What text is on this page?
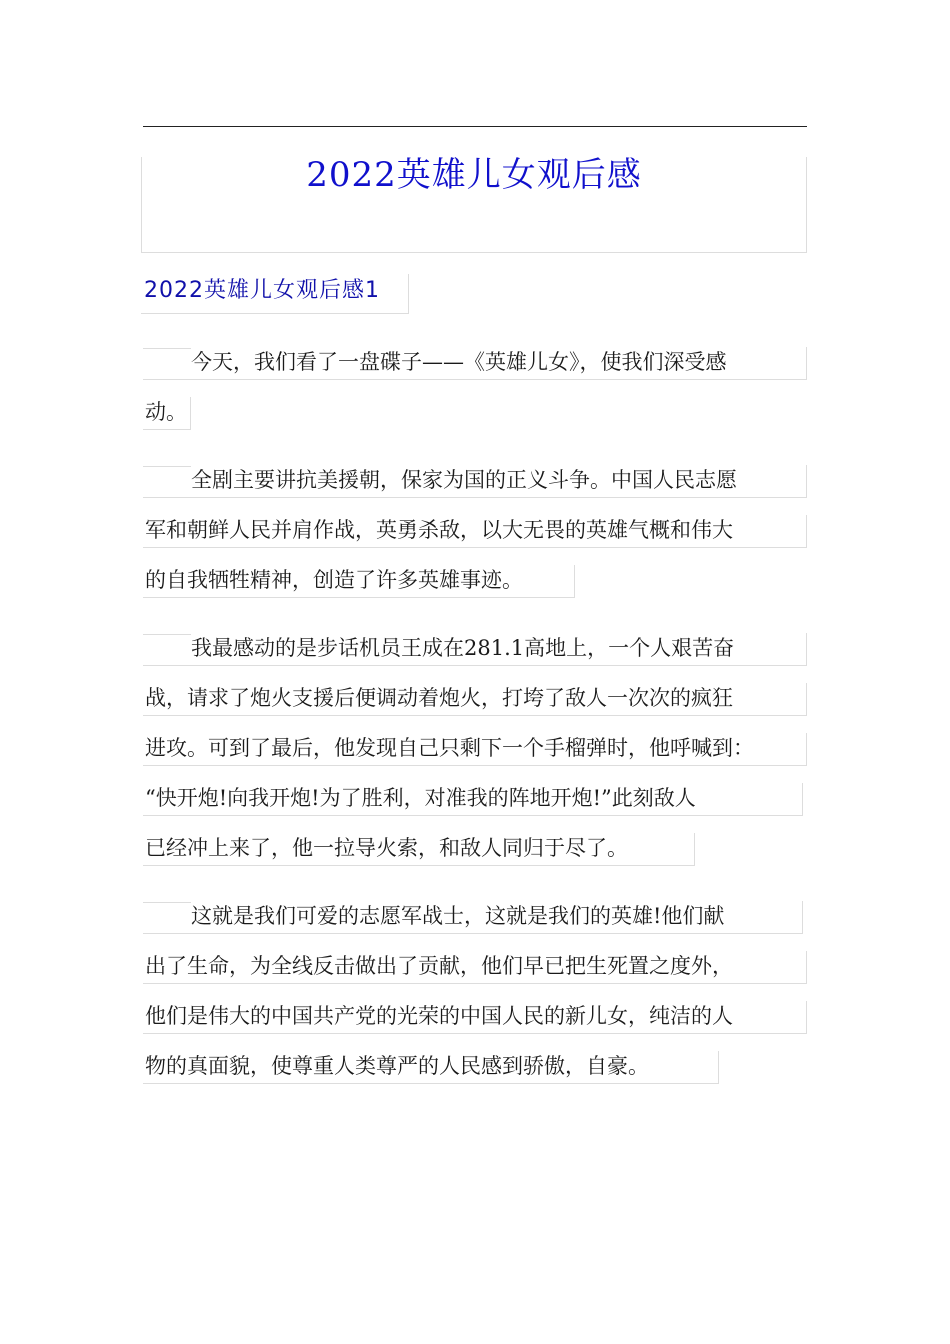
2022英雄儿女观后感
2022英雄儿女观后感1
今天，我们看了一盘碟子——《英雄儿女》，使我们深受感
动。
全剧主要讲抗美援朝，保家为国的正义斗争。中国人民志愿
军和朝鲜人民并肩作战，英勇杀敌，以大无畏的英雄气概和伟大
的自我牺牲精神，创造了许多英雄事迹。
我最感动的是步话机员王成在281.1高地上，一个人艰苦奋
战，请求了炮火支援后便调动着炮火，打垮了敌人一次次的疯狂
进攻。可到了最后，他发现自己只剩下一个手榴弹时，他呼喊到：
“快开炮!向我开炮!为了胜利，对准我的阵地开炮!”此刻敌人
已经冲上来了，他一拉导火索，和敌人同归于尽了。
这就是我们可爱的志愿军战士，这就是我们的英雄!他们献
出了生命，为全线反击做出了贡献，他们早已把生死置之度外，
他们是伟大的中国共产党的光荣的中国人民的新儿女，纯洁的人
物的真面貌，使尊重人类尊严的人民感到骄傲，自豪。
